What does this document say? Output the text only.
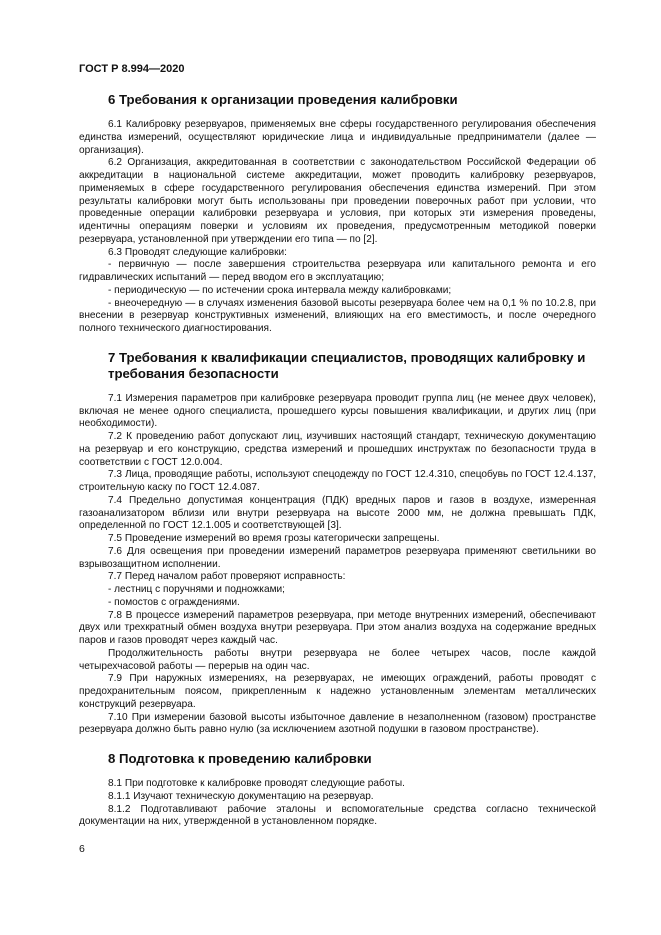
ГОСТ Р 8.994—2020

6 Требования к организации проведения калибровки

6.1 Калибровку резервуаров, применяемых вне сферы государственного регулирования обеспечения единства измерений, осуществляют юридические лица и индивидуальные предприниматели (далее — организация).

6.2 Организация, аккредитованная в соответствии с законодательством Российской Федерации об аккредитации в национальной системе аккредитации, может проводить калибровку резервуаров, применяемых в сфере государственного регулирования обеспечения единства измерений. При этом результаты калибровки могут быть использованы при проведении поверочных работ при условии, что проведенные операции калибровки резервуара и условия, при которых эти измерения проведены, идентичны операциям поверки и условиям их проведения, предусмотренным методикой поверки резервуара, установленной при утверждении его типа — по [2].

6.3 Проводят следующие калибровки:

- первичную — после завершения строительства резервуара или капитального ремонта и его гидравлических испытаний — перед вводом его в эксплуатацию;

- периодическую — по истечении срока интервала между калибровками;

- внеочередную — в случаях изменения базовой высоты резервуара более чем на 0,1 % по 10.2.8, при внесении в резервуар конструктивных изменений, влияющих на его вместимость, и после очередного полного технического диагностирования.

7 Требования к квалификации специалистов, проводящих калибровку и требования безопасности

7.1 Измерения параметров при калибровке резервуара проводит группа лиц (не менее двух человек), включая не менее одного специалиста, прошедшего курсы повышения квалификации, и других лиц (при необходимости).

7.2 К проведению работ допускают лиц, изучивших настоящий стандарт, техническую документацию на резервуар и его конструкцию, средства измерений и прошедших инструктаж по безопасности труда в соответствии с ГОСТ 12.0.004.

7.3 Лица, проводящие работы, используют спецодежду по ГОСТ 12.4.310, спецобувь по ГОСТ 12.4.137, строительную каску по ГОСТ 12.4.087.

7.4 Предельно допустимая концентрация (ПДК) вредных паров и газов в воздухе, измеренная газоанализатором вблизи или внутри резервуара на высоте 2000 мм, не должна превышать ПДК, определенной по ГОСТ 12.1.005 и соответствующей [3].

7.5 Проведение измерений во время грозы категорически запрещены.

7.6 Для освещения при проведении измерений параметров резервуара применяют светильники во взрывозащитном исполнении.

7.7 Перед началом работ проверяют исправность:

- лестниц с поручнями и подножками;

- помостов с ограждениями.

7.8 В процессе измерений параметров резервуара, при методе внутренних измерений, обеспечивают двух или трехкратный обмен воздуха внутри резервуара. При этом анализ воздуха на содержание вредных паров и газов проводят через каждый час.

Продолжительность работы внутри резервуара не более четырех часов, после каждой четырехчасовой работы — перерыв на один час.

7.9 При наружных измерениях, на резервуарах, не имеющих ограждений, работы проводят с предохранительным поясом, прикрепленным к надежно установленным элементам металлических конструкций резервуара.

7.10 При измерении базовой высоты избыточное давление в незаполненном (газовом) пространстве резервуара должно быть равно нулю (за исключением азотной подушки в газовом пространстве).

8 Подготовка к проведению калибровки

8.1 При подготовке к калибровке проводят следующие работы.

8.1.1 Изучают техническую документацию на резервуар.

8.1.2 Подготавливают рабочие эталоны и вспомогательные средства согласно технической документации на них, утвержденной в установленном порядке.

6
